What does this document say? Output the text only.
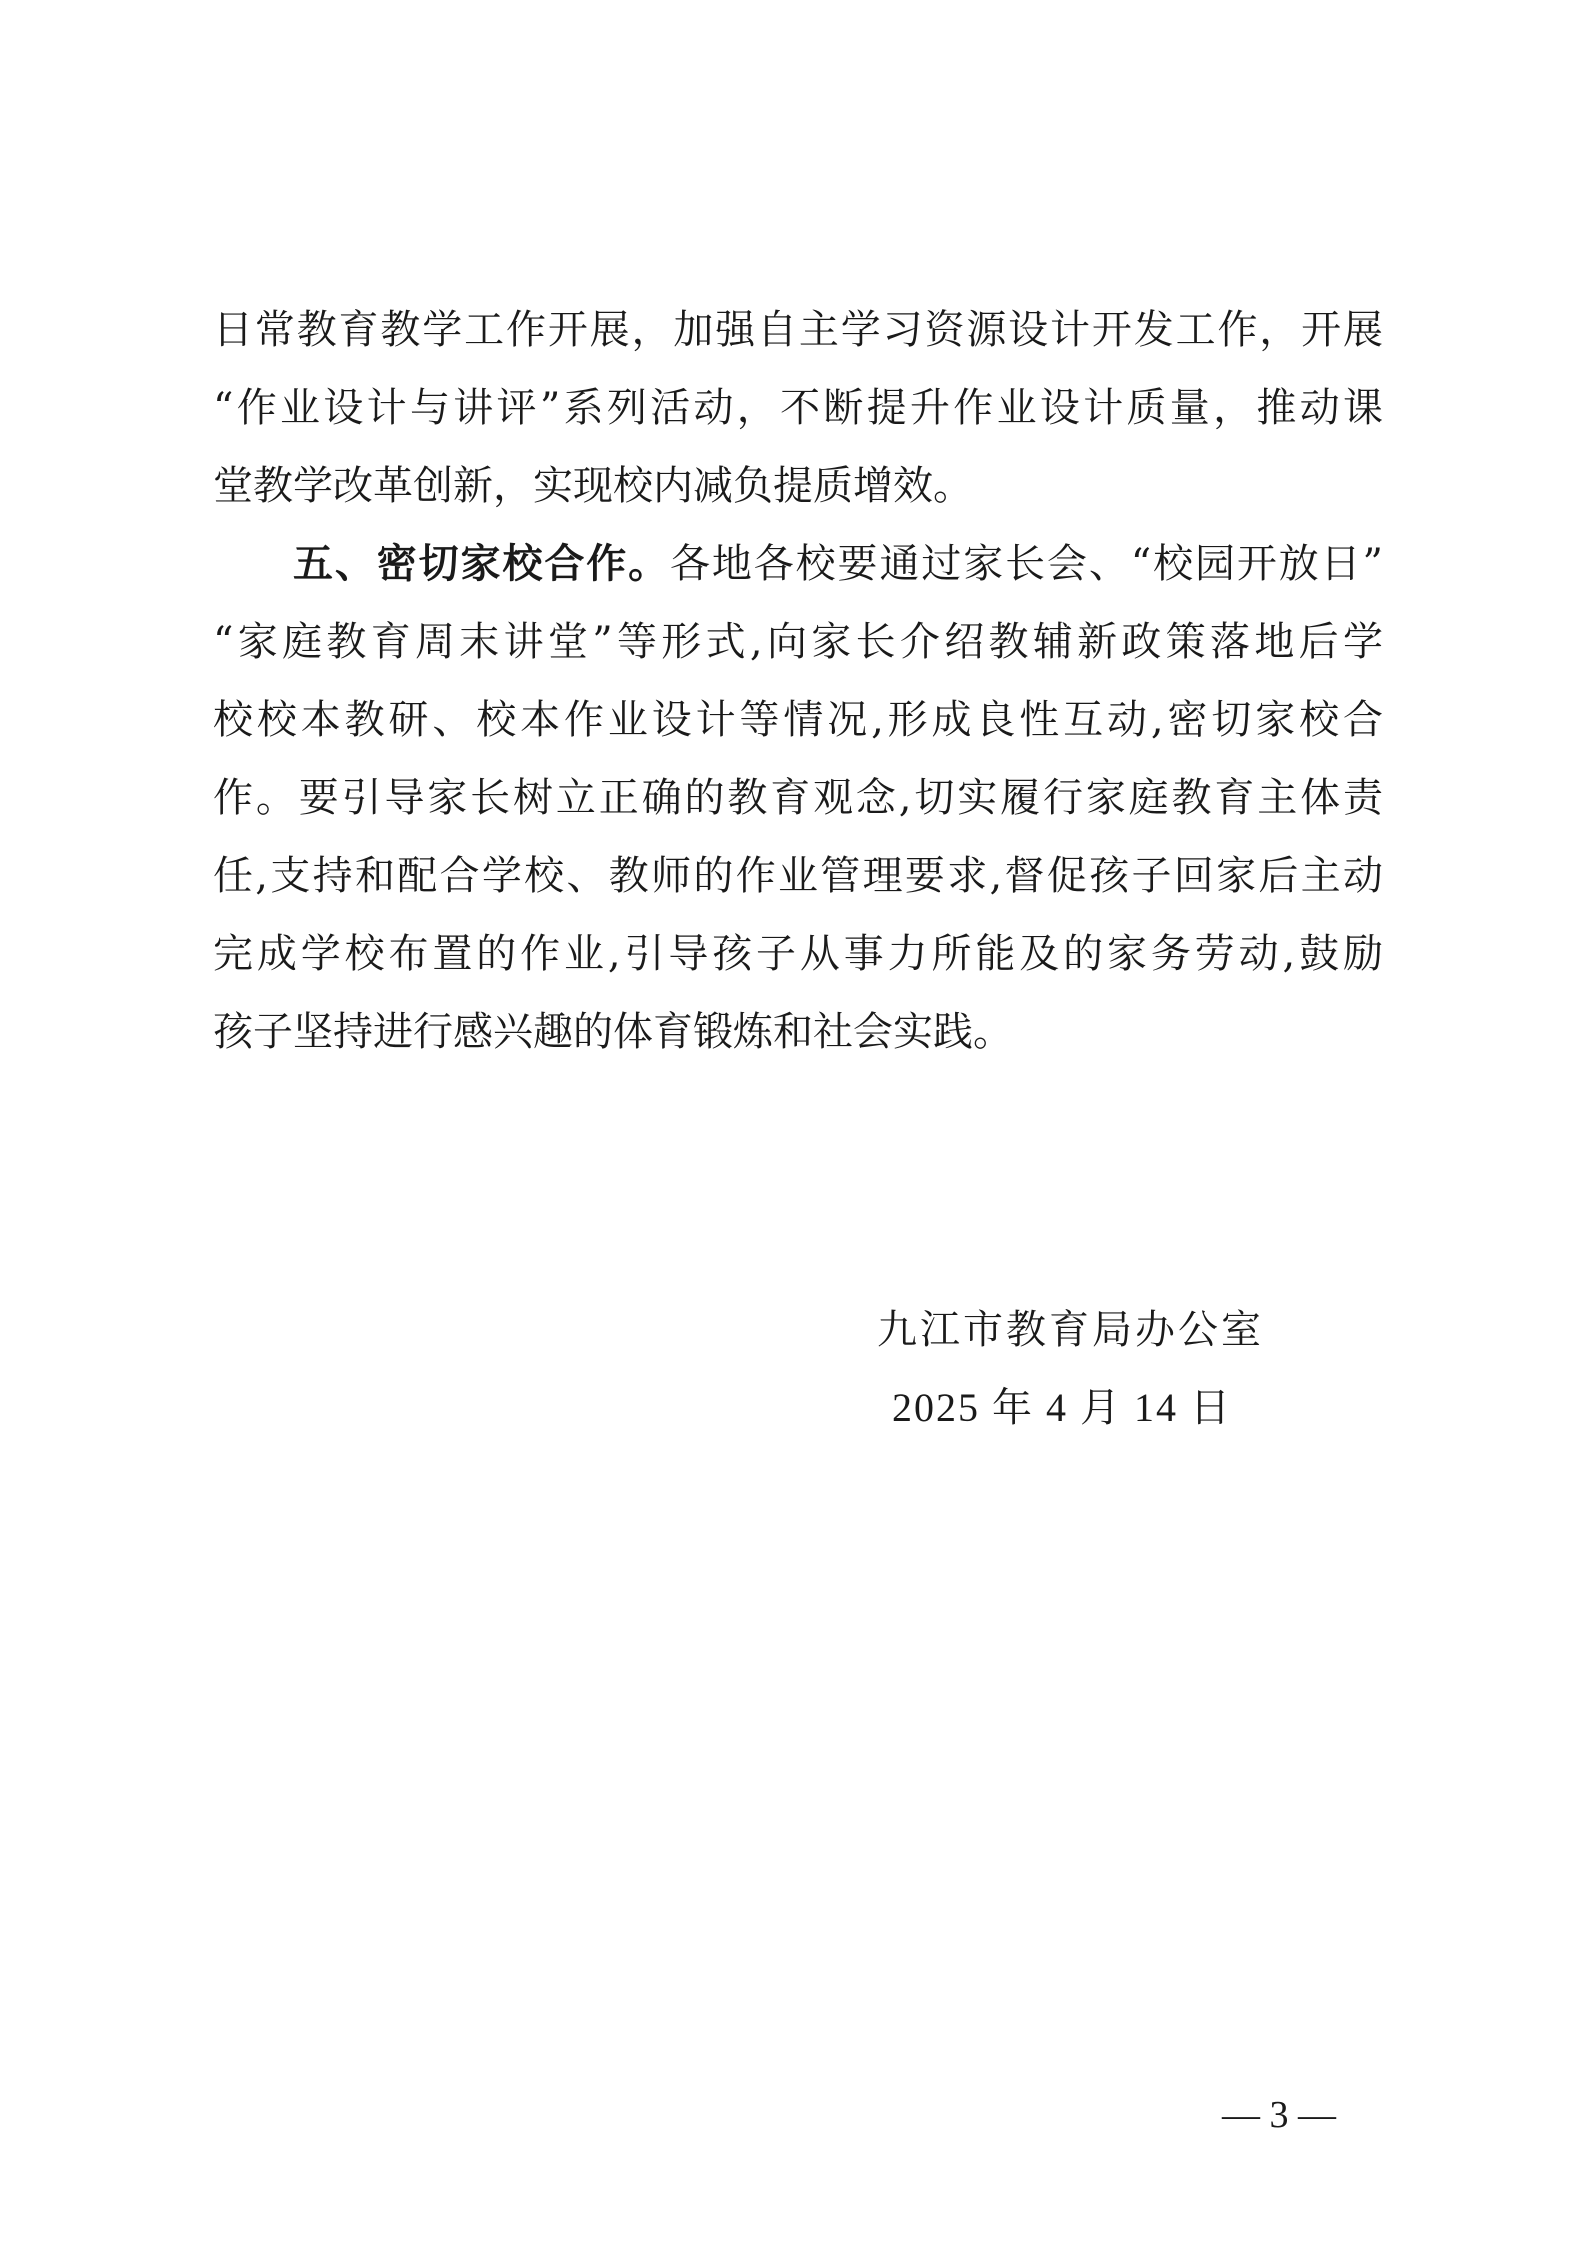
日常教育教学工作开展，加强自主学习资源设计开发工作，开展
“作业设计与讲评”系列活动，不断提升作业设计质量，推动课
堂教学改革创新，实现校内减负提质增效。
五、密切家校合作。各地各校要通过家长会、“校园开放日”
“家庭教育周末讲堂”等形式,向家长介绍教辅新政策落地后学
校校本教研、校本作业设计等情况,形成良性互动,密切家校合
作。要引导家长树立正确的教育观念,切实履行家庭教育主体责
任,支持和配合学校、教师的作业管理要求,督促孩子回家后主动
完成学校布置的作业,引导孩子从事力所能及的家务劳动,鼓励
孩子坚持进行感兴趣的体育锻炼和社会实践。
九江市教育局办公室
2025 年 4 月 14 日
— 3 —
